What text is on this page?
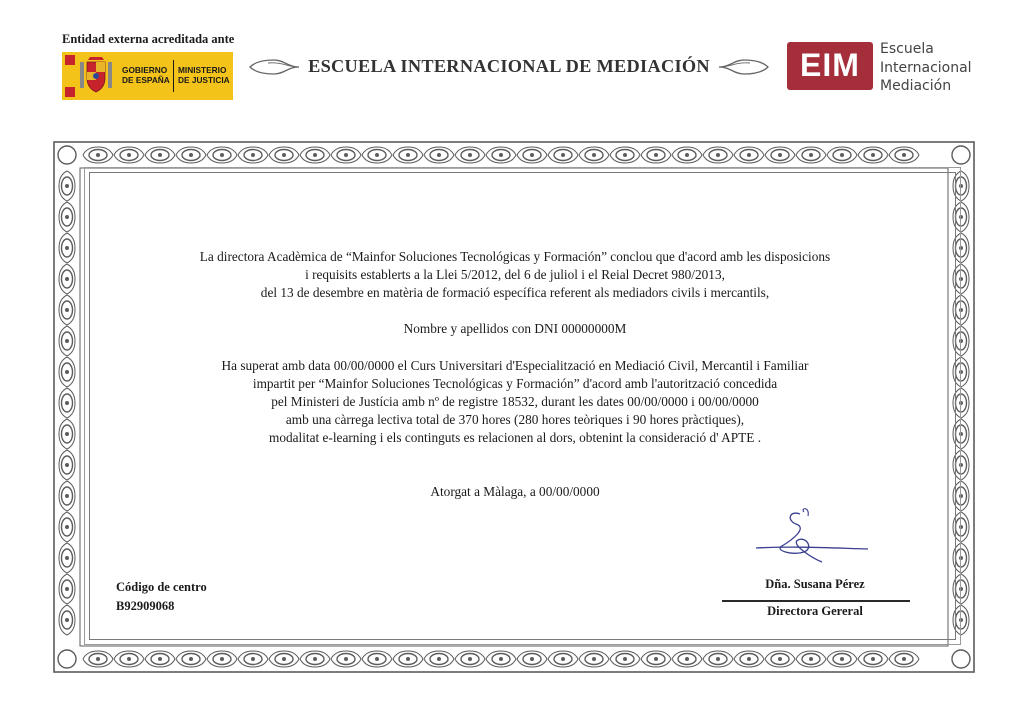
Entidad externa acreditada ante
GOBIERNO
DE ESPAÑA
MINISTERIO
DE JUSTICIA
ESCUELA INTERNACIONAL DE MEDIACIÓN	EIM	Escuela
Internacional
Mediación
La directora Acadèmica de “Mainfor Soluciones Tecnológicas y Formación” conclou que d'acord amb les disposicions
i requisits establerts a la Llei 5/2012, del 6 de juliol i el Reial Decret 980/2013,
del 13 de desembre en matèria de formació específica referent als mediadors civils i mercantils,
Nombre y apellidos con DNI 00000000M
Ha superat amb data 00/00/0000 el Curs Universitari d'Especialització en Mediació Civil, Mercantil i Familiar
impartit per “Mainfor Soluciones Tecnológicas y Formación” d'acord amb l'autorització concedida
pel Ministeri de Justícia amb nº de registre 18532, durant les dates 00/00/0000 i 00/00/0000
amb una càrrega lectiva total de 370 hores (280 hores teòriques i 90 hores pràctiques),
modalitat e-learning i els continguts es relacionen al dors, obtenint la consideració d' APTE .
Atorgat a Màlaga, a 00/00/0000
Código de centro
B92909068
Dña. Susana Pérez
Directora Gereral
